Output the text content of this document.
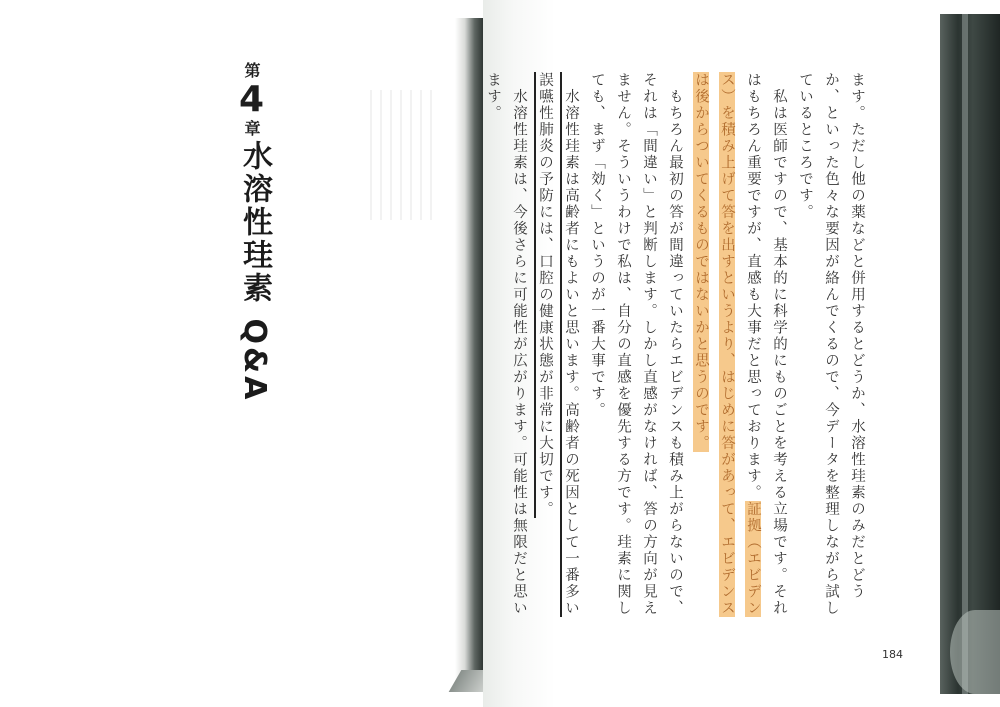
第4章
水溶性珪素 Q&A	ます。ただし他の薬などと併用するとどうか、水溶性珪素のみだとどうか、といった色々な要因が絡んでくるので、今データを整理しながら試しているところです。

　私は医師ですので、基本的に科学的にものごとを考える立場です。それはもちろん重要ですが、直感も大事だと思っております。証拠（エビデンス）を積み上げて答を出すというより、はじめに答があって、エビデンスは後からついてくるものではないかと思うのです。

　もちろん最初の答が間違っていたらエビデンスも積み上がらないので、それは「間違い」と判断します。しかし直感がなければ、答の方向が見えません。そういうわけで私は、自分の直感を優先する方です。珪素に関しても、まず「効く」というのが一番大事です。

　水溶性珪素は高齢者にもよいと思います。高齢者の死因として一番多い誤嚥性肺炎の予防には、口腔の健康状態が非常に大切です。

　水溶性珪素は、今後さらに可能性が広がります。可能性は無限だと思います。

184
